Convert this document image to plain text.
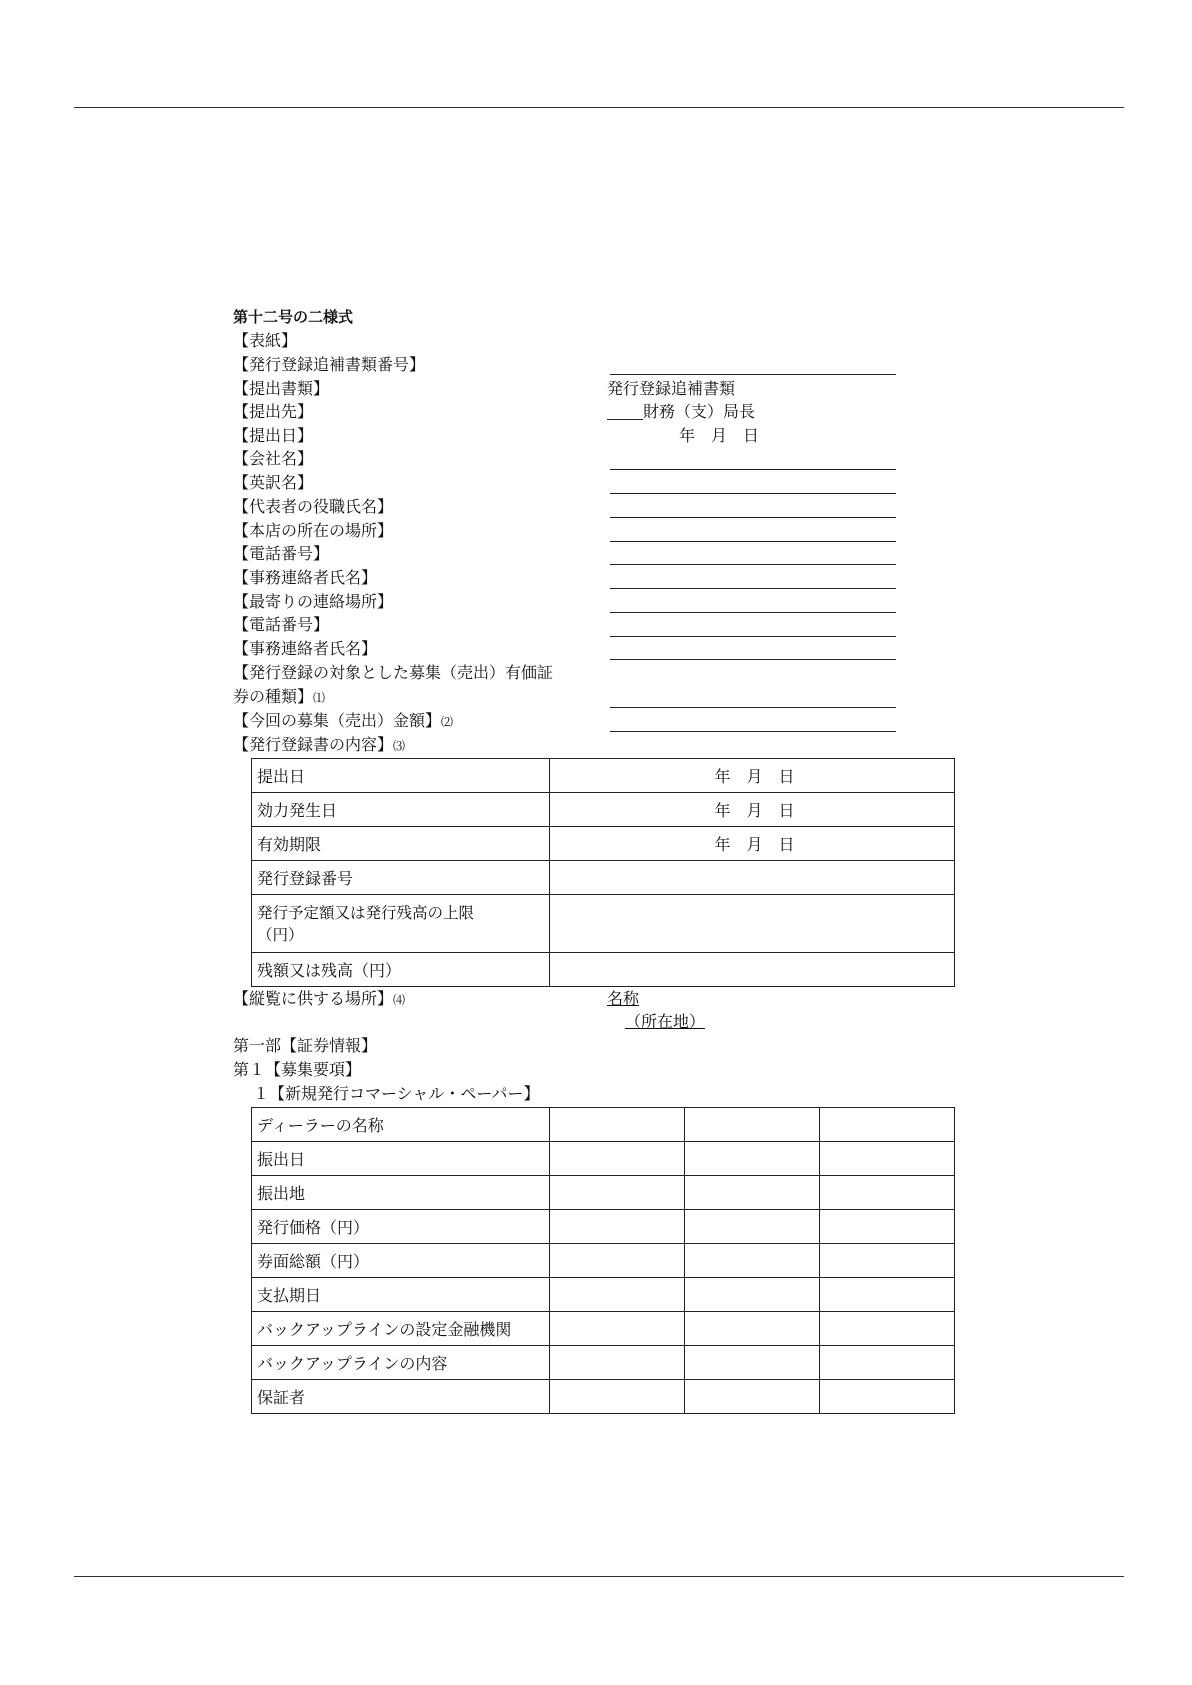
第十二号の二様式
【表紙】
【発行登録追補書類番号】
【提出書類】	発行登録追補書類
【提出先】	財務（支）局長
【提出日】	年　月　日
【会社名】
【英訳名】
【代表者の役職氏名】
【本店の所在の場所】
【電話番号】
【事務連絡者氏名】
【最寄りの連絡場所】
【電話番号】
【事務連絡者氏名】
【発行登録の対象とした募集（売出）有価証
券の種類】⑴
【今回の募集（売出）金額】⑵
【発行登録書の内容】⑶
提出日	年　月　日
効力発生日	年　月　日
有効期限	年　月　日
発行登録番号	

発行予定額又は発行残高の上限
（円）	

残額又は残高（円）	
【縦覧に供する場所】⑷	名称
（所在地）
第一部【証券情報】
第１【募集要項】
１【新規発行コマーシャル・ペーパー】
ディーラーの名称			
振出日			
振出地			
発行価格（円）			
券面総額（円）			
支払期日			
バックアップラインの設定金融機関			
バックアップラインの内容			
保証者			
